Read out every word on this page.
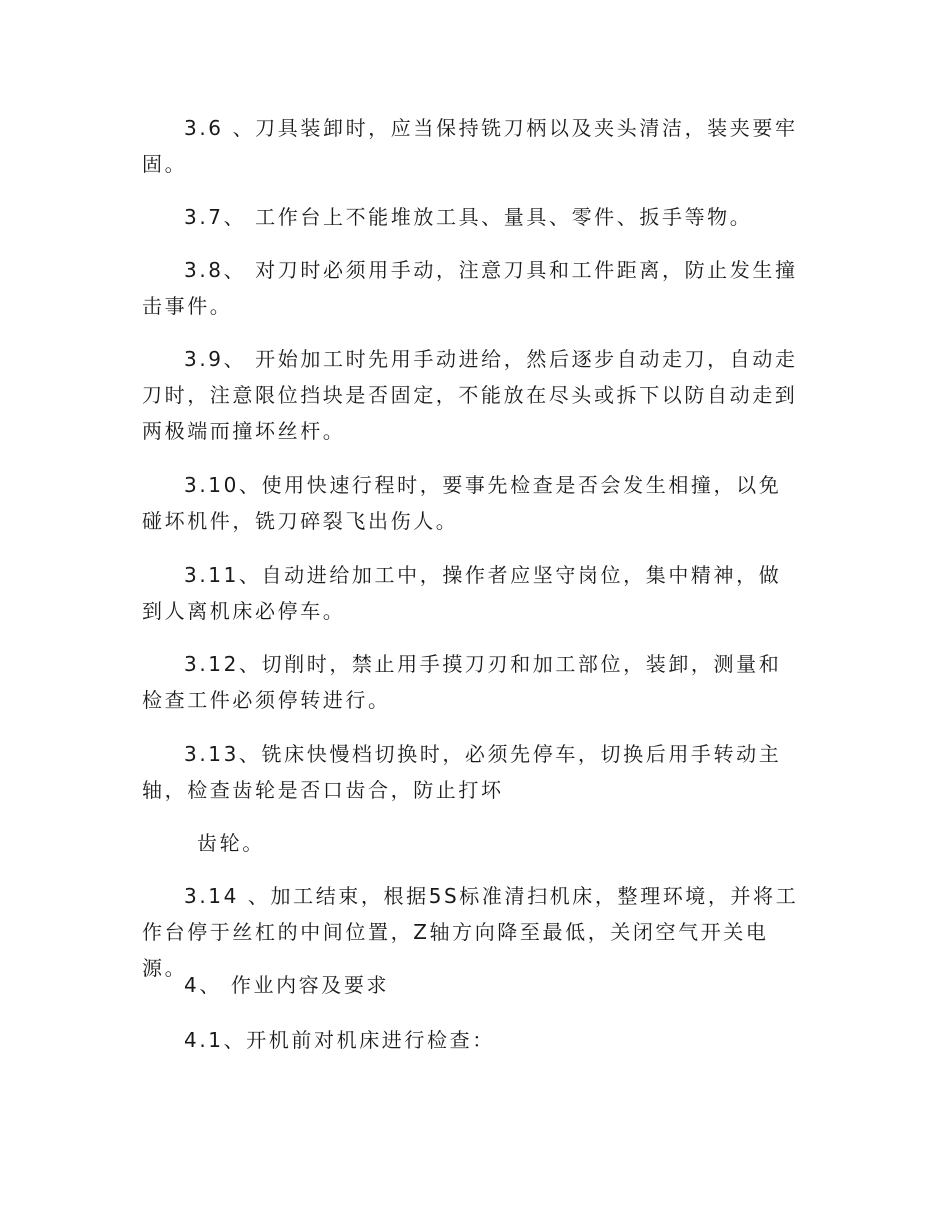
3.6 、刀具装卸时，应当保持铣刀柄以及夹头清洁，装夹要牢固。

3.7、 工作台上不能堆放工具、量具、零件、扳手等物。

3.8、 对刀时必须用手动，注意刀具和工件距离，防止发生撞击事件。

3.9、 开始加工时先用手动进给，然后逐步自动走刀，自动走刀时，注意限位挡块是否固定，不能放在尽头或拆下以防自动走到两极端而撞坏丝杆。

3.10、使用快速行程时，要事先检查是否会发生相撞，以免碰坏机件，铣刀碎裂飞出伤人。

3.11、自动进给加工中，操作者应坚守岗位，集中精神，做到人离机床必停车。

3.12、切削时，禁止用手摸刀刃和加工部位，装卸，测量和检查工件必须停转进行。

3.13、铣床快慢档切换时，必须先停车，切换后用手转动主轴，检查齿轮是否口齿合，防止打坏

齿轮。

3.14 、加工结束，根据5S标准清扫机床，整理环境，并将工作台停于丝杠的中间位置，Z轴方向降至最低，关闭空气开关电源。

4、 作业内容及要求

4.1、开机前对机床进行检查：
